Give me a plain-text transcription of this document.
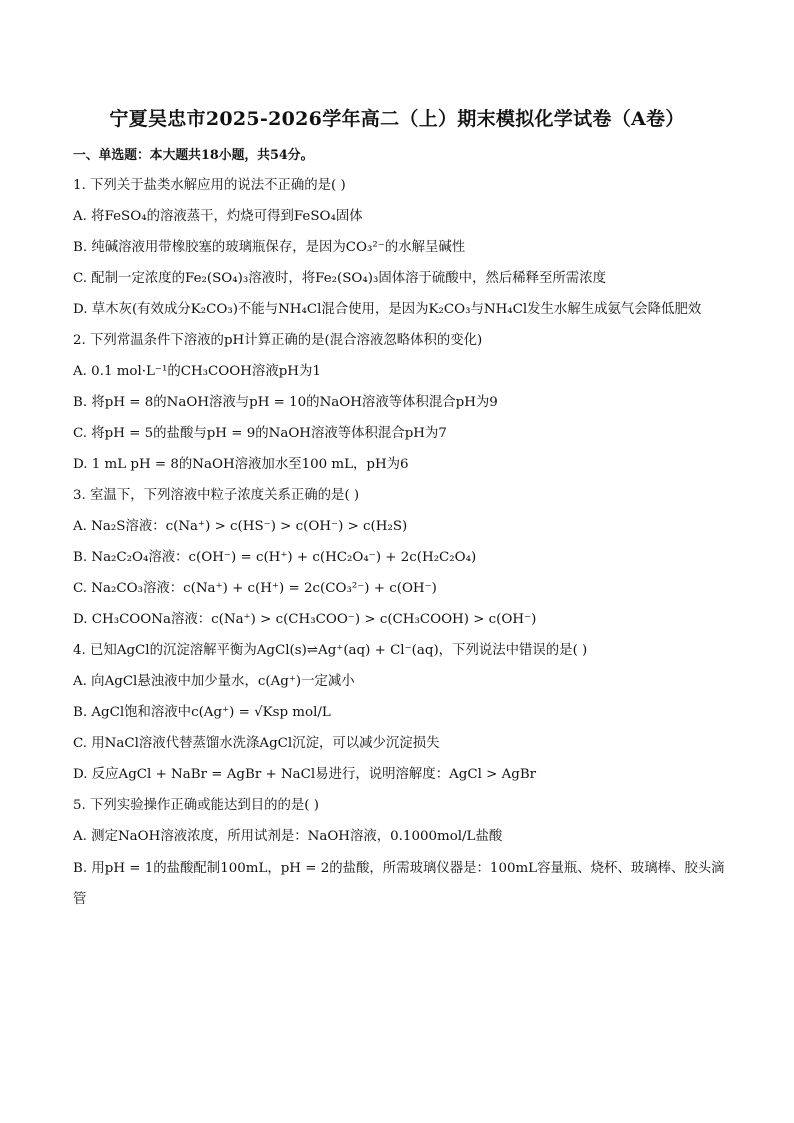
宁夏吴忠市2025-2026学年高二（上）期末模拟化学试卷（A卷）
一、单选题：本大题共18小题，共54分。
1. 下列关于盐类水解应用的说法不正确的是( )
A. 将FeSO₄的溶液蒸干，灼烧可得到FeSO₄固体
B. 纯碱溶液用带橡胶塞的玻璃瓶保存，是因为CO₃²⁻的水解呈碱性
C. 配制一定浓度的Fe₂(SO₄)₃溶液时，将Fe₂(SO₄)₃固体溶于硫酸中，然后稀释至所需浓度
D. 草木灰(有效成分K₂CO₃)不能与NH₄Cl混合使用，是因为K₂CO₃与NH₄Cl发生水解生成氨气会降低肥效
2. 下列常温条件下溶液的pH计算正确的是(混合溶液忽略体积的变化)
A. 0.1 mol·L⁻¹的CH₃COOH溶液pH为1
B. 将pH = 8的NaOH溶液与pH = 10的NaOH溶液等体积混合pH为9
C. 将pH = 5的盐酸与pH = 9的NaOH溶液等体积混合pH为7
D. 1 mL pH = 8的NaOH溶液加水至100 mL，pH为6
3. 室温下，下列溶液中粒子浓度关系正确的是( )
A. Na₂S溶液：c(Na⁺) > c(HS⁻) > c(OH⁻) > c(H₂S)
B. Na₂C₂O₄溶液：c(OH⁻) = c(H⁺) + c(HC₂O₄⁻) + 2c(H₂C₂O₄)
C. Na₂CO₃溶液：c(Na⁺) + c(H⁺) = 2c(CO₃²⁻) + c(OH⁻)
D. CH₃COONa溶液：c(Na⁺) > c(CH₃COO⁻) > c(CH₃COOH) > c(OH⁻)
4. 已知AgCl的沉淀溶解平衡为AgCl(s)⇌Ag⁺(aq) + Cl⁻(aq)，下列说法中错误的是( )
A. 向AgCl悬浊液中加少量水，c(Ag⁺)一定减小
B. AgCl饱和溶液中c(Ag⁺) = √Ksp mol/L
C. 用NaCl溶液代替蒸馏水洗涤AgCl沉淀，可以减少沉淀损失
D. 反应AgCl + NaBr = AgBr + NaCl易进行，说明溶解度：AgCl > AgBr
5. 下列实验操作正确或能达到目的的是( )
A. 测定NaOH溶液浓度，所用试剂是：NaOH溶液，0.1000mol/L盐酸
B. 用pH = 1的盐酸配制100mL，pH = 2的盐酸，所需玻璃仪器是：100mL容量瓶、烧杯、玻璃棒、胶头滴管
